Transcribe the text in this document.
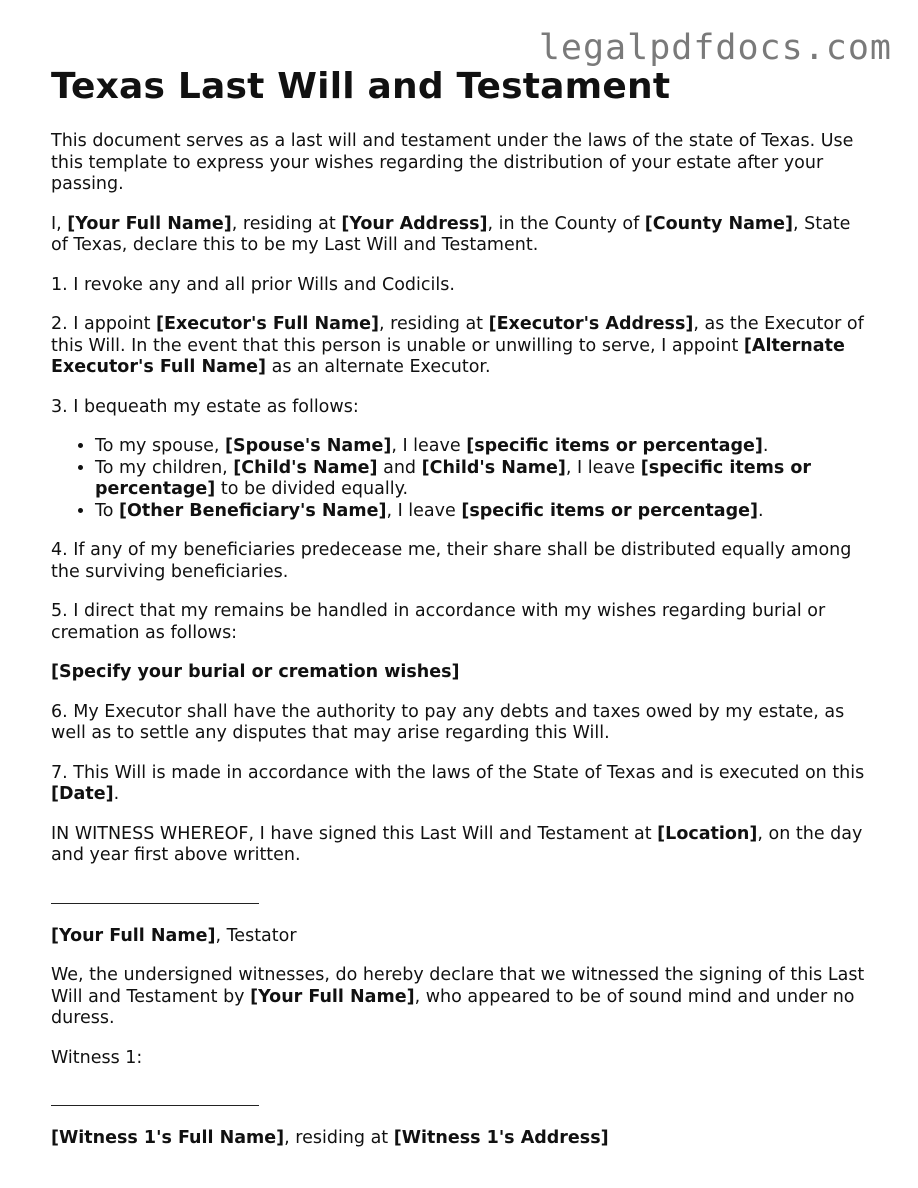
legalpdfdocs.com
Texas Last Will and Testament

This document serves as a last will and testament under the laws of the state of Texas. Use this template to express your wishes regarding the distribution of your estate after your passing.

I, [Your Full Name], residing at [Your Address], in the County of [County Name], State of Texas, declare this to be my Last Will and Testament.

1. I revoke any and all prior Wills and Codicils.

2. I appoint [Executor's Full Name], residing at [Executor's Address], as the Executor of this Will. In the event that this person is unable or unwilling to serve, I appoint [Alternate Executor's Full Name] as an alternate Executor.

3. I bequeath my estate as follows:

• To my spouse, [Spouse's Name], I leave [specific items or percentage].
• To my children, [Child's Name] and [Child's Name], I leave [specific items or percentage] to be divided equally.
• To [Other Beneficiary's Name], I leave [specific items or percentage].

4. If any of my beneficiaries predecease me, their share shall be distributed equally among the surviving beneficiaries.

5. I direct that my remains be handled in accordance with my wishes regarding burial or cremation as follows:

[Specify your burial or cremation wishes]

6. My Executor shall have the authority to pay any debts and taxes owed by my estate, as well as to settle any disputes that may arise regarding this Will.

7. This Will is made in accordance with the laws of the State of Texas and is executed on this [Date].

IN WITNESS WHEREOF, I have signed this Last Will and Testament at [Location], on the day and year first above written.

[Your Full Name], Testator

We, the undersigned witnesses, do hereby declare that we witnessed the signing of this Last Will and Testament by [Your Full Name], who appeared to be of sound mind and under no duress.

Witness 1:

[Witness 1's Full Name], residing at [Witness 1's Address]
